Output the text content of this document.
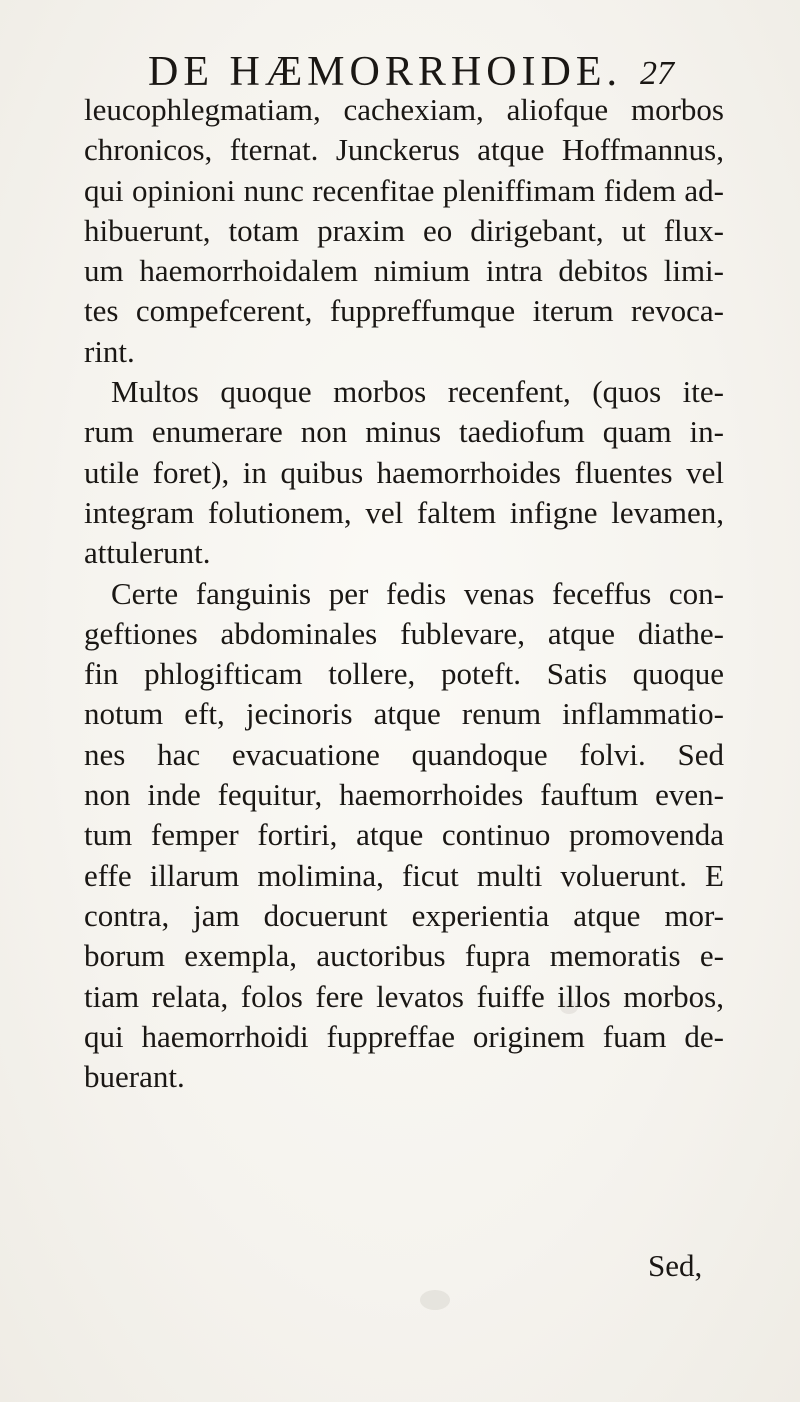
DE HÆMORRHOIDE. 27
leucophlegmatiam, cachexiam, aliofque morbos
chronicos, fternat. Junckerus atque Hoffmannus,
qui opinioni nunc recenfitae pleniffimam fidem ad-
hibuerunt, totam praxim eo dirigebant, ut flux-
um haemorrhoidalem nimium intra debitos limi-
tes compefcerent, fuppreffumque iterum revoca-
rint.
Multos quoque morbos recenfent, (quos ite-
rum enumerare non minus taediofum quam in-
utile foret), in quibus haemorrhoides fluentes vel
integram folutionem, vel faltem infigne levamen,
attulerunt.
Certe fanguinis per fedis venas feceffus con-
geftiones abdominales fublevare, atque diathe-
fin phlogifticam tollere, poteft. Satis quoque
notum eft, jecinoris atque renum inflammatio-
nes hac evacuatione quandoque folvi. Sed
non inde fequitur, haemorrhoides fauftum even-
tum femper fortiri, atque continuo promovenda
effe illarum molimina, ficut multi voluerunt. E
contra, jam docuerunt experientia atque mor-
borum exempla, auctoribus fupra memoratis e-
tiam relata, folos fere levatos fuiffe illos morbos,
qui haemorrhoidi fuppreffae originem fuam de-
buerant.
Sed,
